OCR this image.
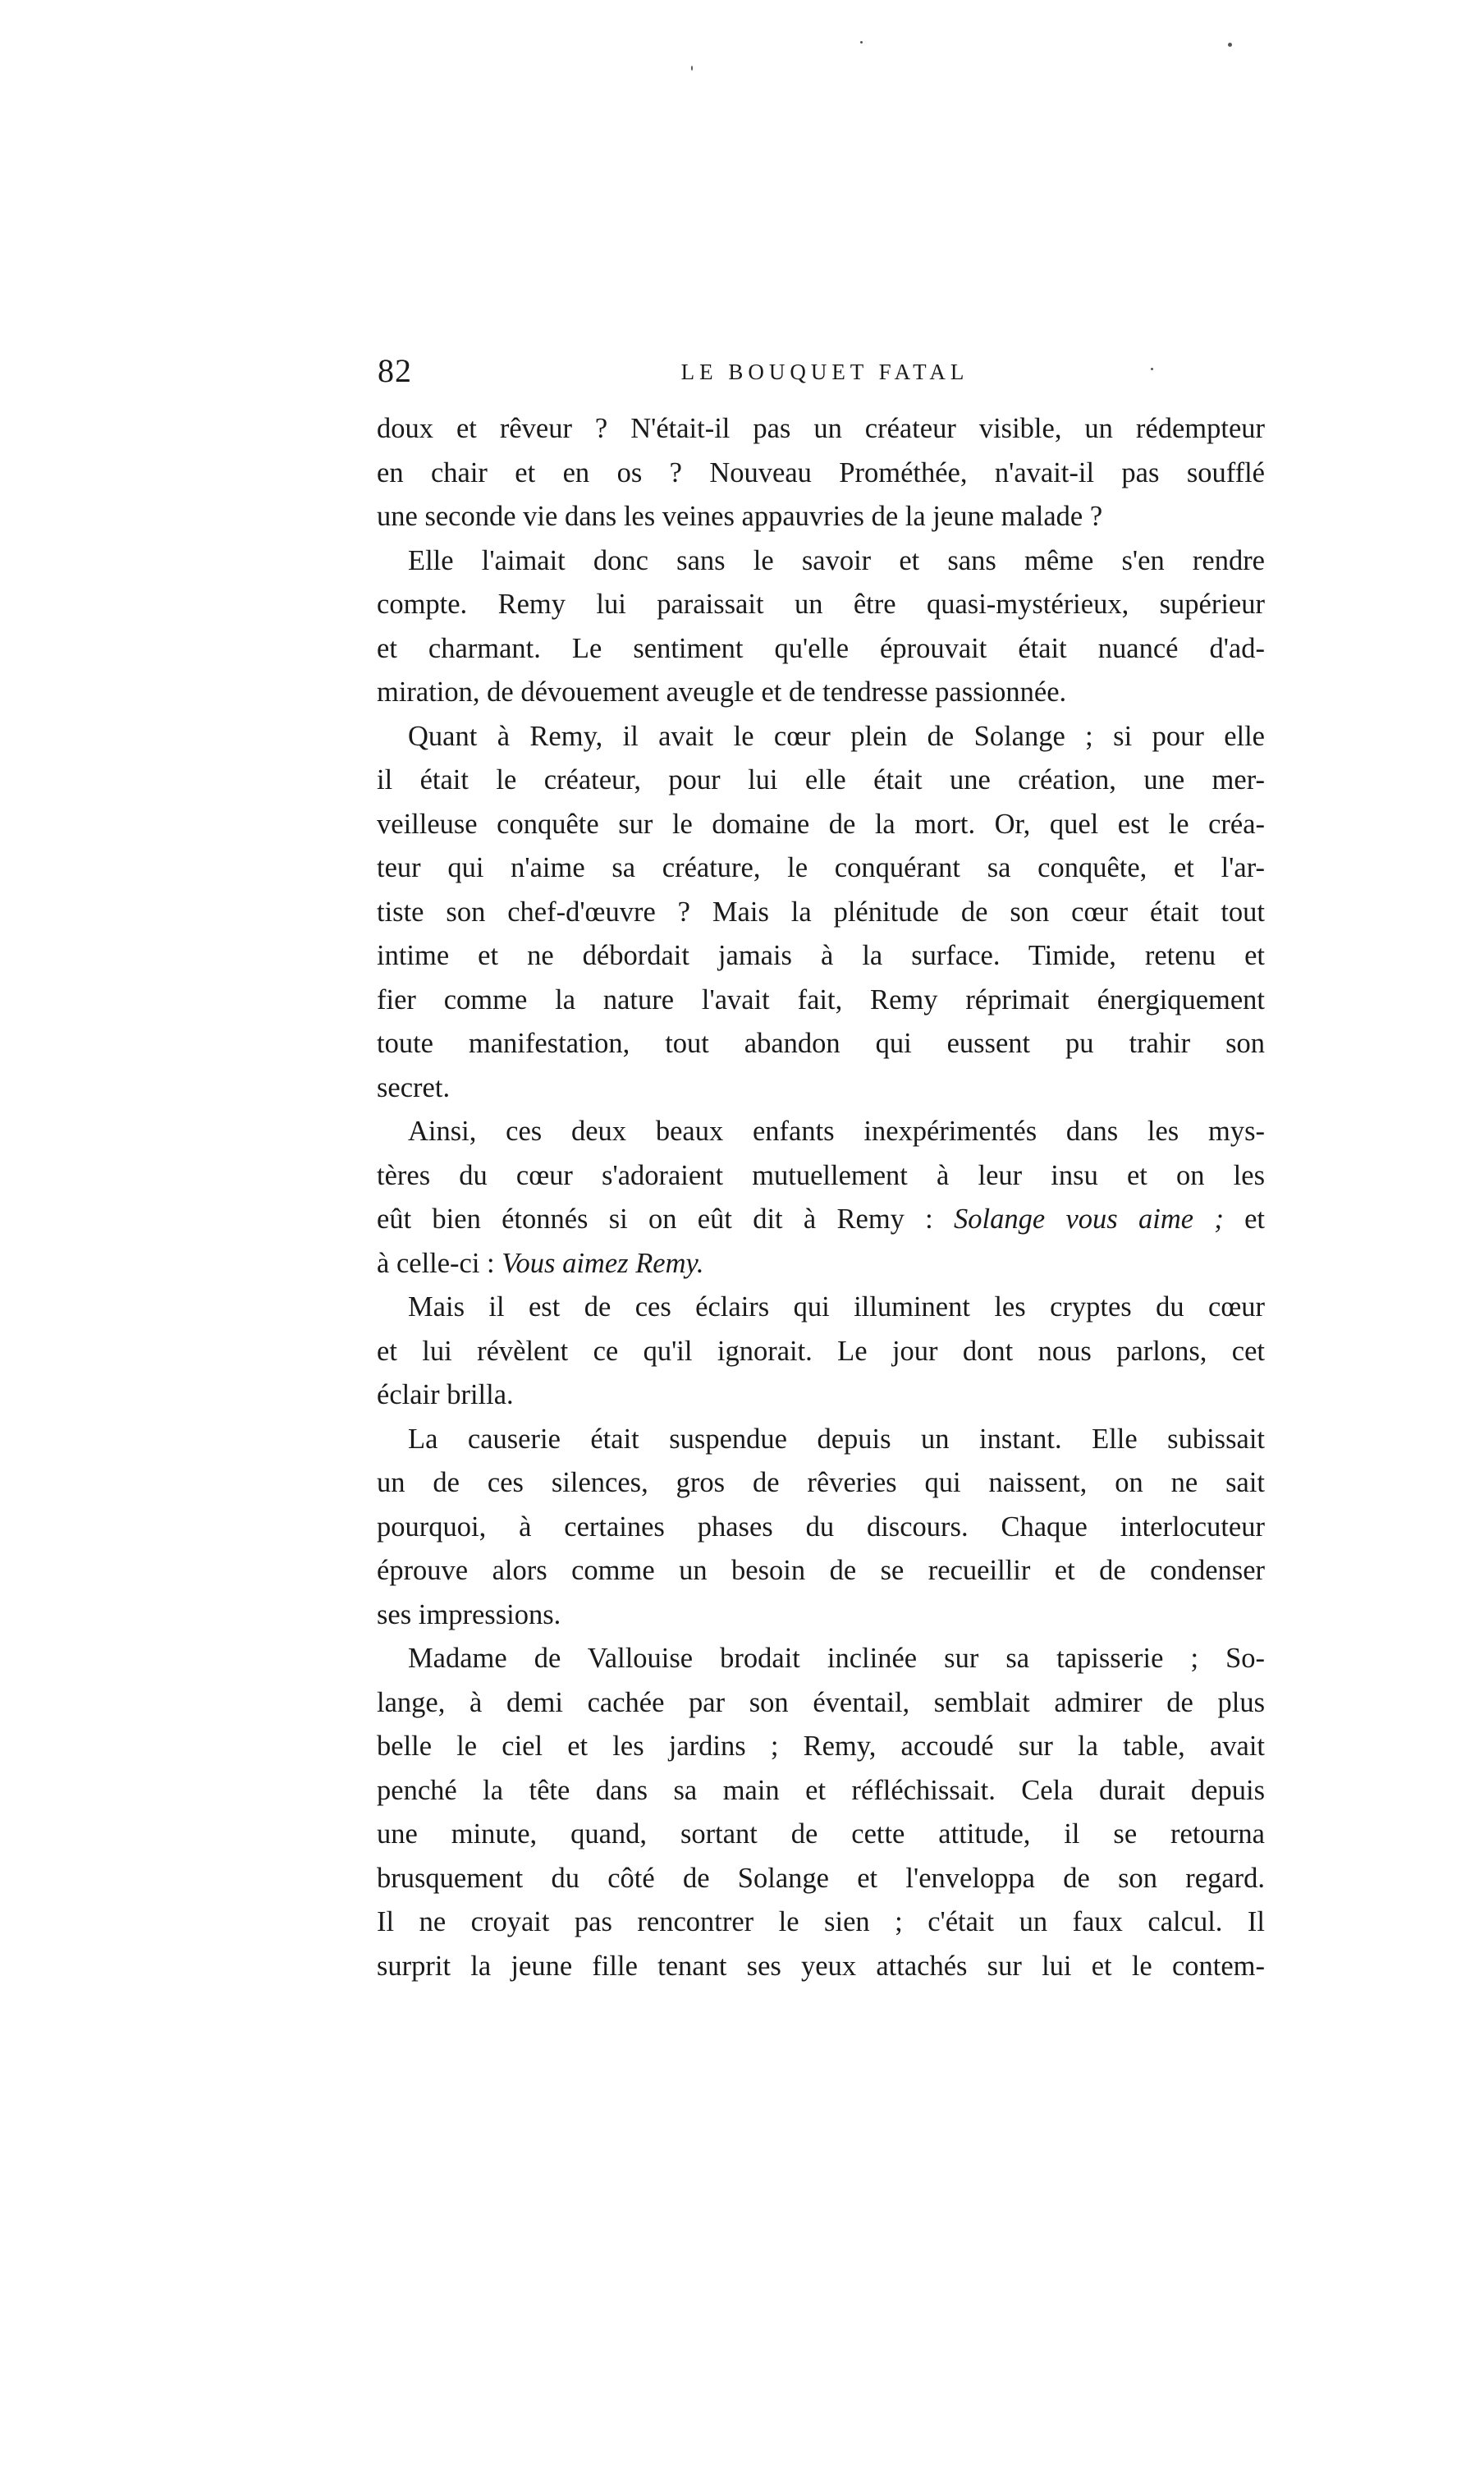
82	LE BOUQUET FATAL
doux et rêveur ? N'était-il pas un créateur visible, un rédempteur
en chair et en os ? Nouveau Prométhée, n'avait-il pas soufflé
une seconde vie dans les veines appauvries de la jeune malade ?
Elle l'aimait donc sans le savoir et sans même s'en rendre
compte. Remy lui paraissait un être quasi-mystérieux, supérieur
et charmant. Le sentiment qu'elle éprouvait était nuancé d'ad-
miration, de dévouement aveugle et de tendresse passionnée.
Quant à Remy, il avait le cœur plein de Solange ; si pour elle
il était le créateur, pour lui elle était une création, une mer-
veilleuse conquête sur le domaine de la mort. Or, quel est le créa-
teur qui n'aime sa créature, le conquérant sa conquête, et l'ar-
tiste son chef-d'œuvre ? Mais la plénitude de son cœur était tout
intime et ne débordait jamais à la surface. Timide, retenu et
fier comme la nature l'avait fait, Remy réprimait énergiquement
toute manifestation, tout abandon qui eussent pu trahir son
secret.
Ainsi, ces deux beaux enfants inexpérimentés dans les mys-
tères du cœur s'adoraient mutuellement à leur insu et on les
eût bien étonnés si on eût dit à Remy : Solange vous aime ; et
à celle-ci : Vous aimez Remy.
Mais il est de ces éclairs qui illuminent les cryptes du cœur
et lui révèlent ce qu'il ignorait. Le jour dont nous parlons, cet
éclair brilla.
La causerie était suspendue depuis un instant. Elle subissait
un de ces silences, gros de rêveries qui naissent, on ne sait
pourquoi, à certaines phases du discours. Chaque interlocuteur
éprouve alors comme un besoin de se recueillir et de condenser
ses impressions.
Madame de Vallouise brodait inclinée sur sa tapisserie ; So-
lange, à demi cachée par son éventail, semblait admirer de plus
belle le ciel et les jardins ; Remy, accoudé sur la table, avait
penché la tête dans sa main et réfléchissait. Cela durait depuis
une minute, quand, sortant de cette attitude, il se retourna
brusquement du côté de Solange et l'enveloppa de son regard.
Il ne croyait pas rencontrer le sien ; c'était un faux calcul. Il
surprit la jeune fille tenant ses yeux attachés sur lui et le contem-
